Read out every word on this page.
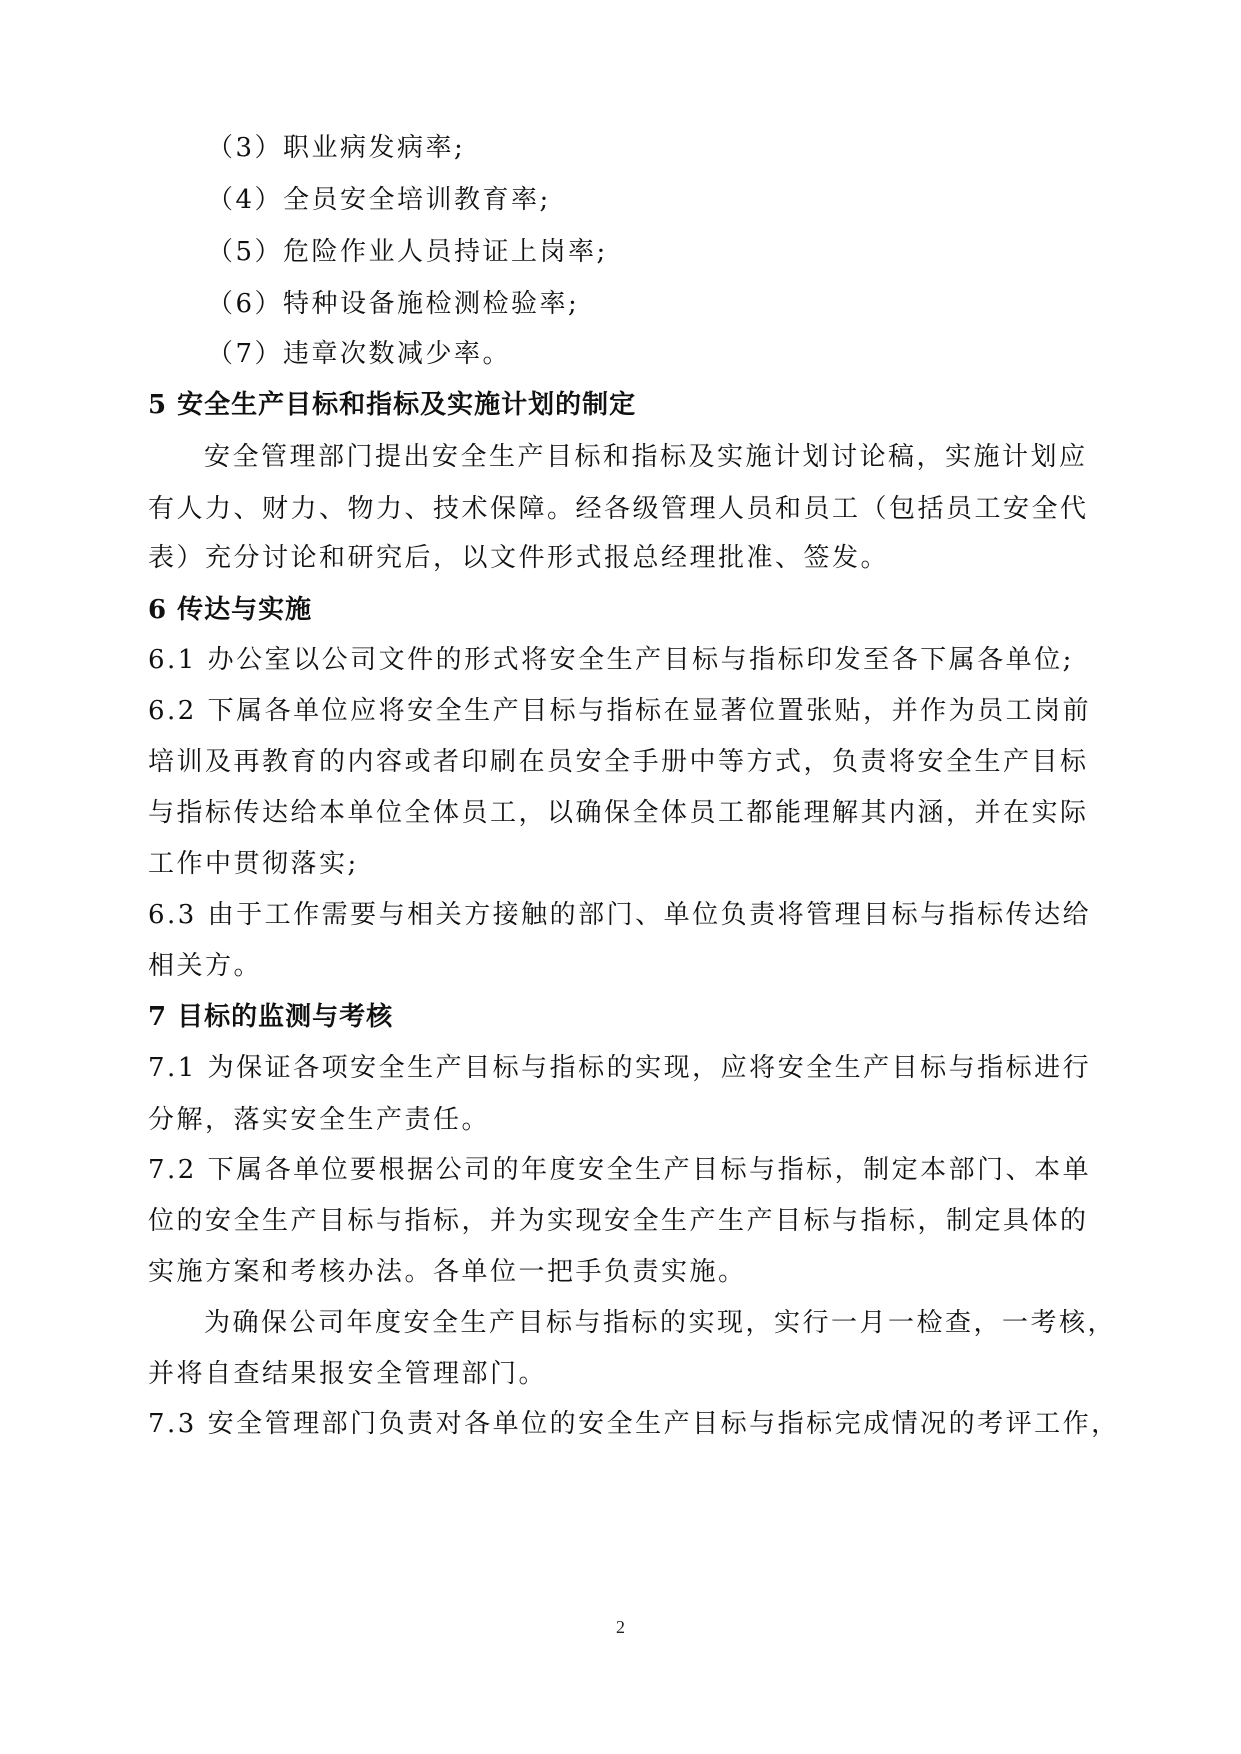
（3）职业病发病率;
（4）全员安全培训教育率;
（5）危险作业人员持证上岗率;
（6）特种设备施检测检验率;
（7）违章次数减少率。
5 安全生产目标和指标及实施计划的制定
安全管理部门提出安全生产目标和指标及实施计划讨论稿，实施计划应
有人力、财力、物力、技术保障。经各级管理人员和员工（包括员工安全代
表）充分讨论和研究后，以文件形式报总经理批准、签发。
6 传达与实施
6.1 办公室以公司文件的形式将安全生产目标与指标印发至各下属各单位;
6.2 下属各单位应将安全生产目标与指标在显著位置张贴，并作为员工岗前
培训及再教育的内容或者印刷在员安全手册中等方式，负责将安全生产目标
与指标传达给本单位全体员工，以确保全体员工都能理解其内涵，并在实际
工作中贯彻落实;
6.3 由于工作需要与相关方接触的部门、单位负责将管理目标与指标传达给
相关方。
7 目标的监测与考核
7.1 为保证各项安全生产目标与指标的实现，应将安全生产目标与指标进行
分解，落实安全生产责任。
7.2 下属各单位要根据公司的年度安全生产目标与指标，制定本部门、本单
位的安全生产目标与指标，并为实现安全生产生产目标与指标，制定具体的
实施方案和考核办法。各单位一把手负责实施。
为确保公司年度安全生产目标与指标的实现，实行一月一检查，一考核，
并将自查结果报安全管理部门。
7.3 安全管理部门负责对各单位的安全生产目标与指标完成情况的考评工作，
2
